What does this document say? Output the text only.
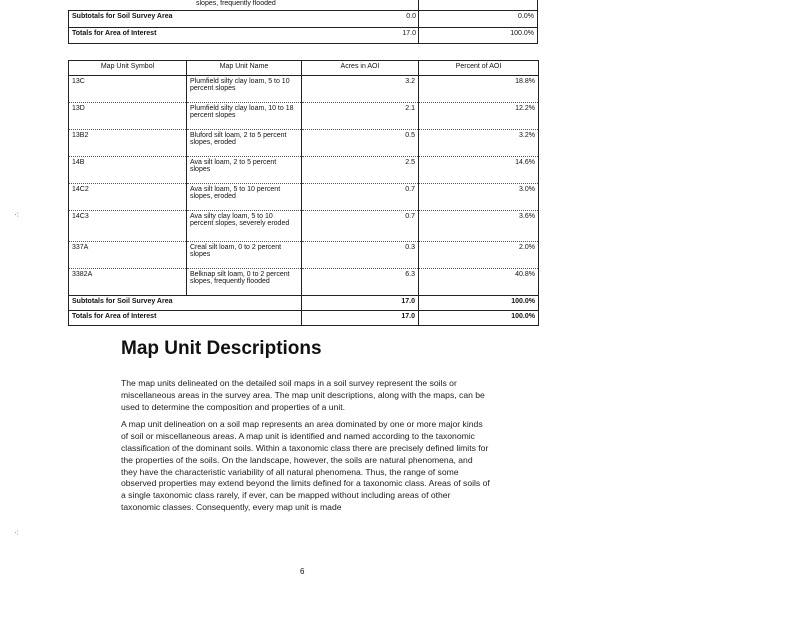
slopes, frequently flooded
Subtotals for Soil Survey Area	0.0	0.0%
Totals for Area of Interest	17.0	100.0%
Map Unit Symbol	Map Unit Name	Acres in AOI	Percent of AOI
13C	Plumfield silty clay loam, 5 to 10 percent slopes	3.2	18.8%
13D	Plumfield silty clay loam, 10 to 18 percent slopes	2.1	12.2%
13B2	Bluford silt loam, 2 to 5 percent slopes, eroded	0.5	3.2%
14B	Ava silt loam, 2 to 5 percent slopes	2.5	14.6%
14C2	Ava silt loam, 5 to 10 percent slopes, eroded	0.7	3.0%
14C3	Ava silty clay loam, 5 to 10 percent slopes, severely eroded	0.7	3.6%
337A	Creal silt loam, 0 to 2 percent slopes	0.3	2.0%
3382A	Belknap silt loam, 0 to 2 percent slopes, frequently flooded	6.3	40.8%
Subtotals for Soil Survey Area		17.0	100.0%
Totals for Area of Interest		17.0	100.0%
⁖
⁖
Map Unit Descriptions

The map units delineated on the detailed soil maps in a soil survey represent the soils or miscellaneous areas in the survey area. The map unit descriptions, along with the maps, can be used to determine the composition and properties of a unit.

A map unit delineation on a soil map represents an area dominated by one or more major kinds of soil or miscellaneous areas. A map unit is identified and named according to the taxonomic classification of the dominant soils. Within a taxonomic class there are precisely defined limits for the properties of the soils. On the landscape, however, the soils are natural phenomena, and they have the characteristic variability of all natural phenomena. Thus, the range of some observed properties may extend beyond the limits defined for a taxonomic class. Areas of soils of a single taxonomic class rarely, if ever, can be mapped without including areas of other taxonomic classes. Consequently, every map unit is made

6
